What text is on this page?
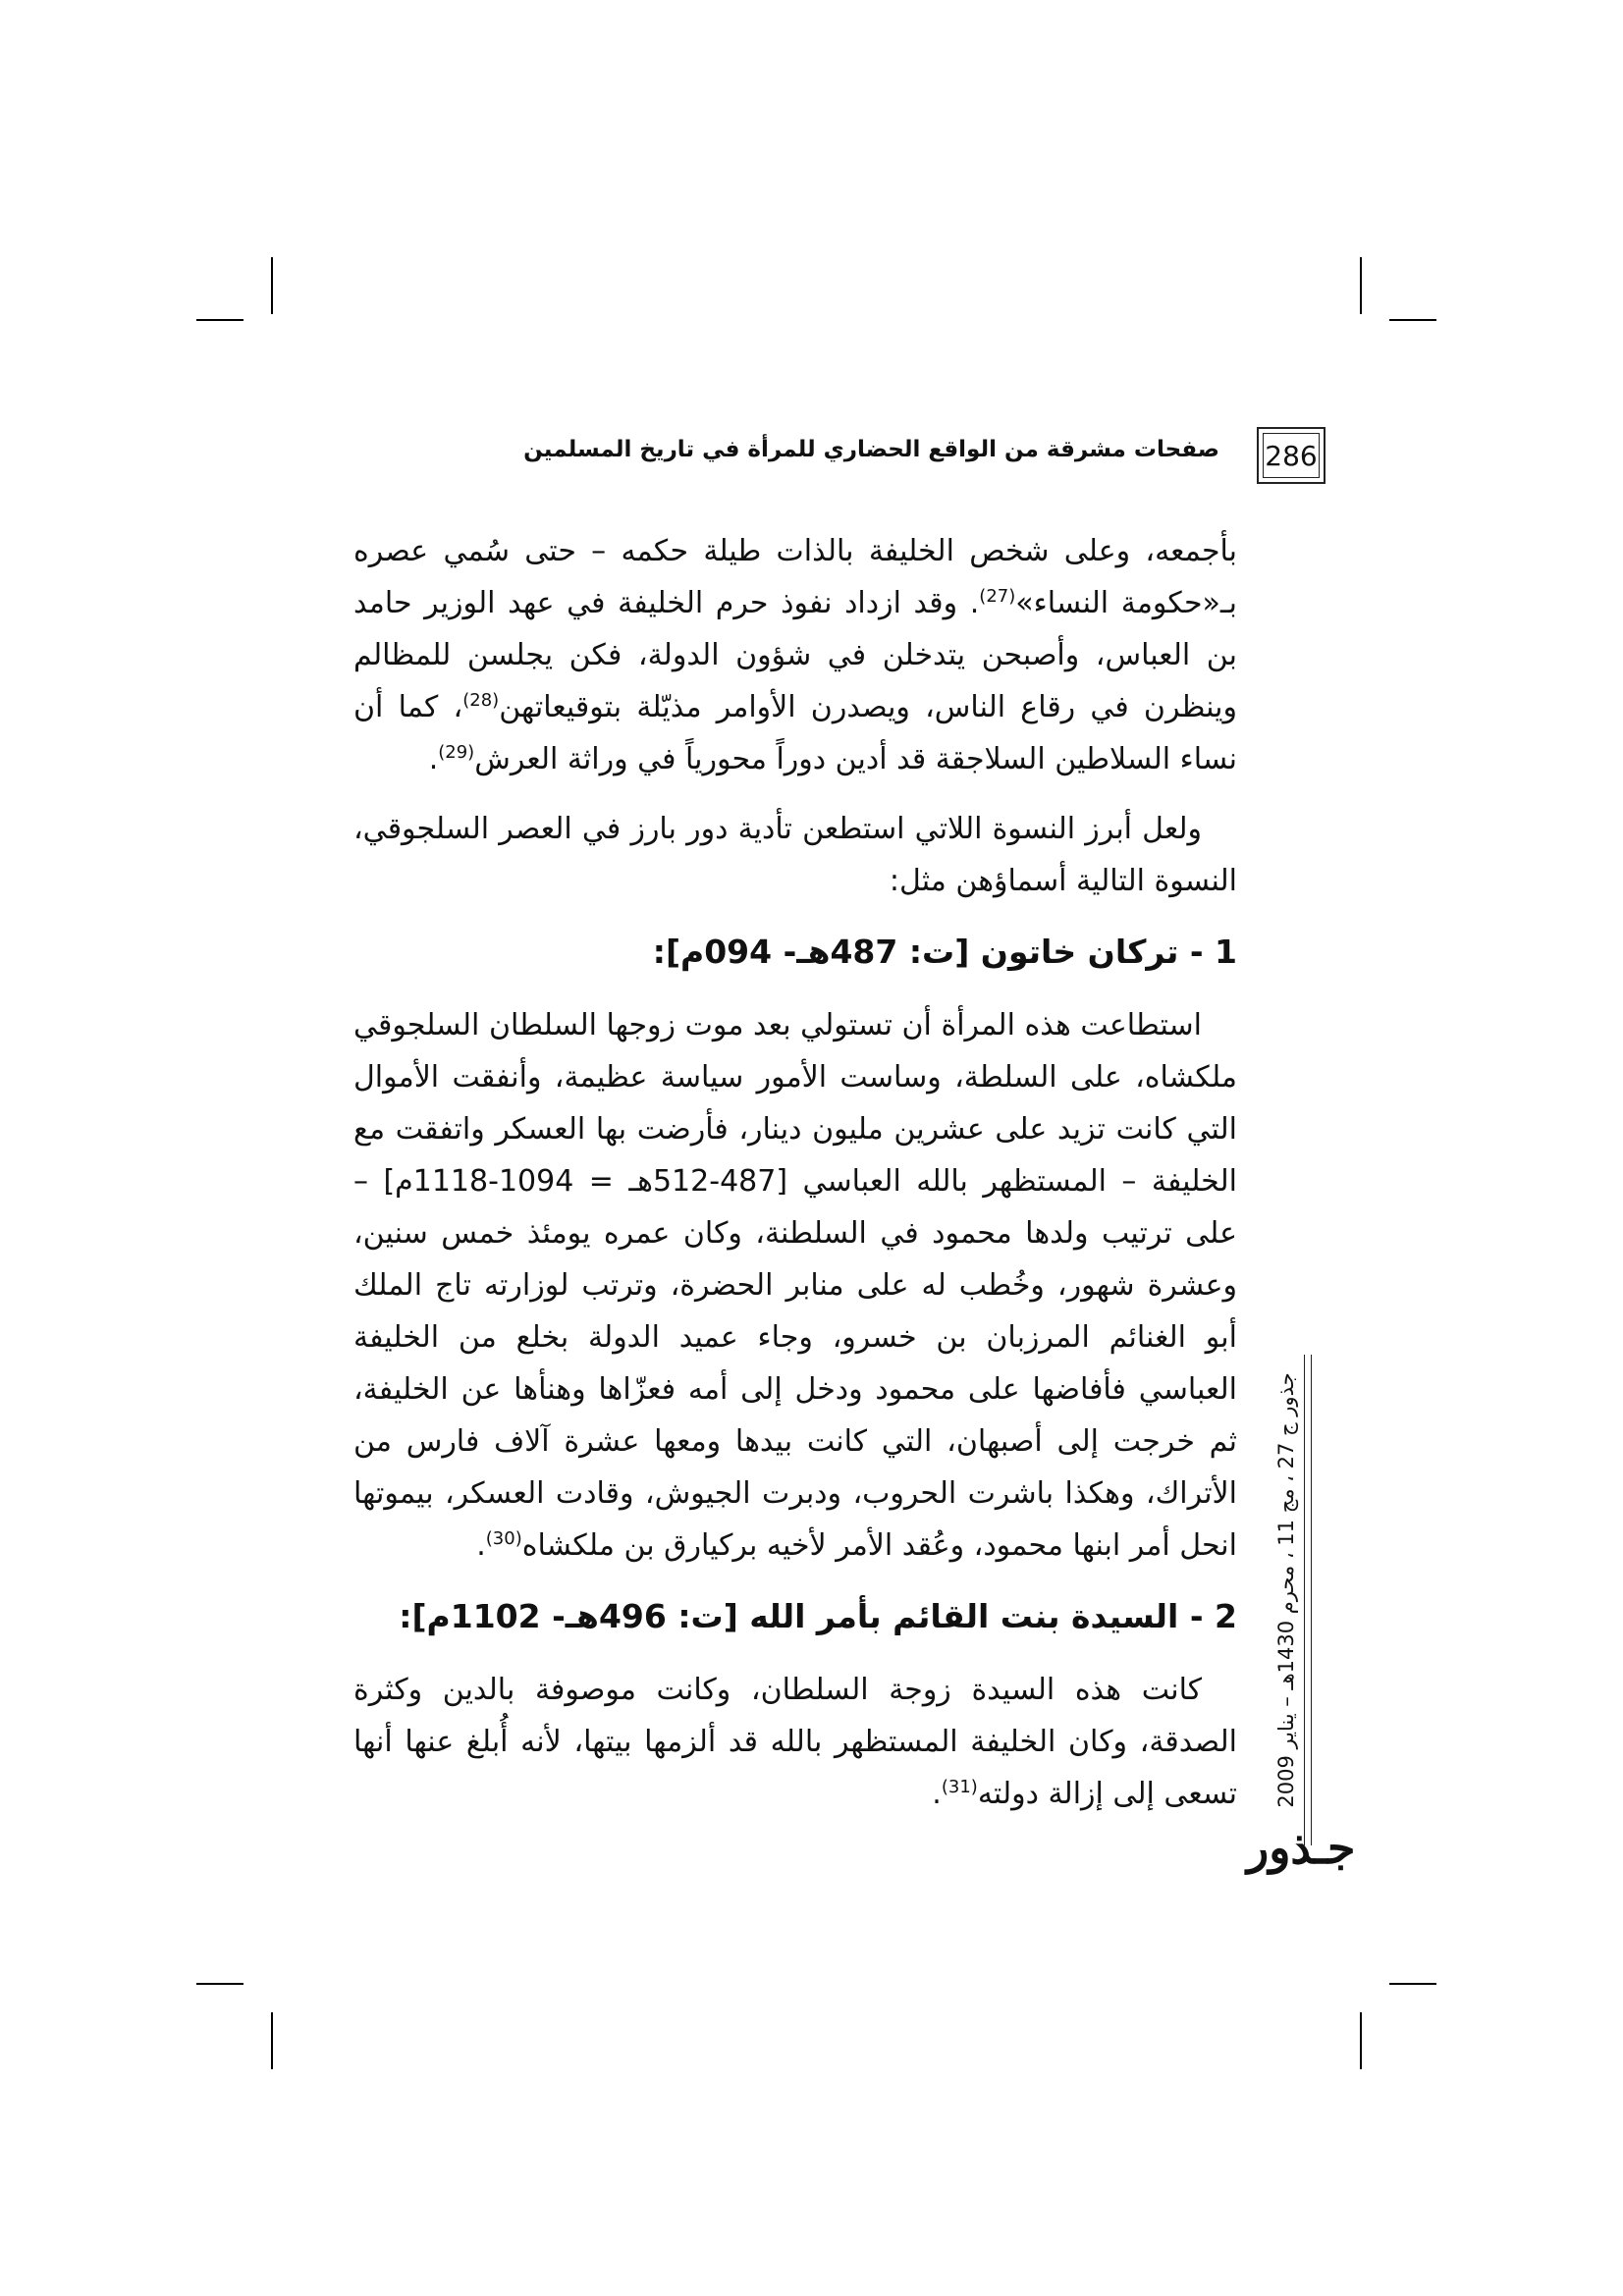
286
صفحات مشرقة من الواقع الحضاري للمرأة في تاريخ المسلمين

بأجمعه، وعلى شخص الخليفة بالذات طيلة حكمه – حتى سُمي عصره بـ«حكومة النساء»$^{(27)}$. وقد ازداد نفوذ حرم الخليفة في عهد الوزير حامد بن العباس، وأصبحن يتدخلن في شؤون الدولة، فكن يجلسن للمظالم وينظرن في رقاع الناس، ويصدرن الأوامر مذيّلة بتوقيعاتهن$^{(28)}$، كما أن نساء السلاطين السلاجقة قد أدين دوراً محورياً في وراثة العرش$^{(29)}$.

ولعل أبرز النسوة اللاتي استطعن تأدية دور بارز في العصر السلجوقي، النسوة التالية أسماؤهن مثل:

1 - تركان خاتون [ت: 487هـ- 094م]:

استطاعت هذه المرأة أن تستولي بعد موت زوجها السلطان السلجوقي ملكشاه، على السلطة، وساست الأمور سياسة عظيمة، وأنفقت الأموال التي كانت تزيد على عشرين مليون دينار، فأرضت بها العسكر واتفقت مع الخليفة – المستظهر بالله العباسي [487-512هـ = 1094-1118م] – على ترتيب ولدها محمود في السلطنة، وكان عمره يومئذ خمس سنين، وعشرة شهور، وخُطب له على منابر الحضرة، وترتب لوزارته تاج الملك أبو الغنائم المرزبان بن خسرو، وجاء عميد الدولة بخلع من الخليفة العباسي فأفاضها على محمود ودخل إلى أمه فعزّاها وهنأها عن الخليفة، ثم خرجت إلى أصبهان، التي كانت بيدها ومعها عشرة آلاف فارس من الأتراك، وهكذا باشرت الحروب، ودبرت الجيوش، وقادت العسكر، بيموتها انحل أمر ابنها محمود، وعُقد الأمر لأخيه بركيارق بن ملكشاه$^{(30)}$.

2 - السيدة بنت القائم بأمر الله [ت: 496هـ- 1102م]:

كانت هذه السيدة زوجة السلطان، وكانت موصوفة بالدين وكثرة الصدقة، وكان الخليفة المستظهر بالله قد ألزمها بيتها، لأنه أُبلغ عنها أنها تسعى إلى إزالة دولته$^{(31)}$.	جذور ج 27 ، مج 11 ، محرم 1430هـ – يناير 2009
جـذور
